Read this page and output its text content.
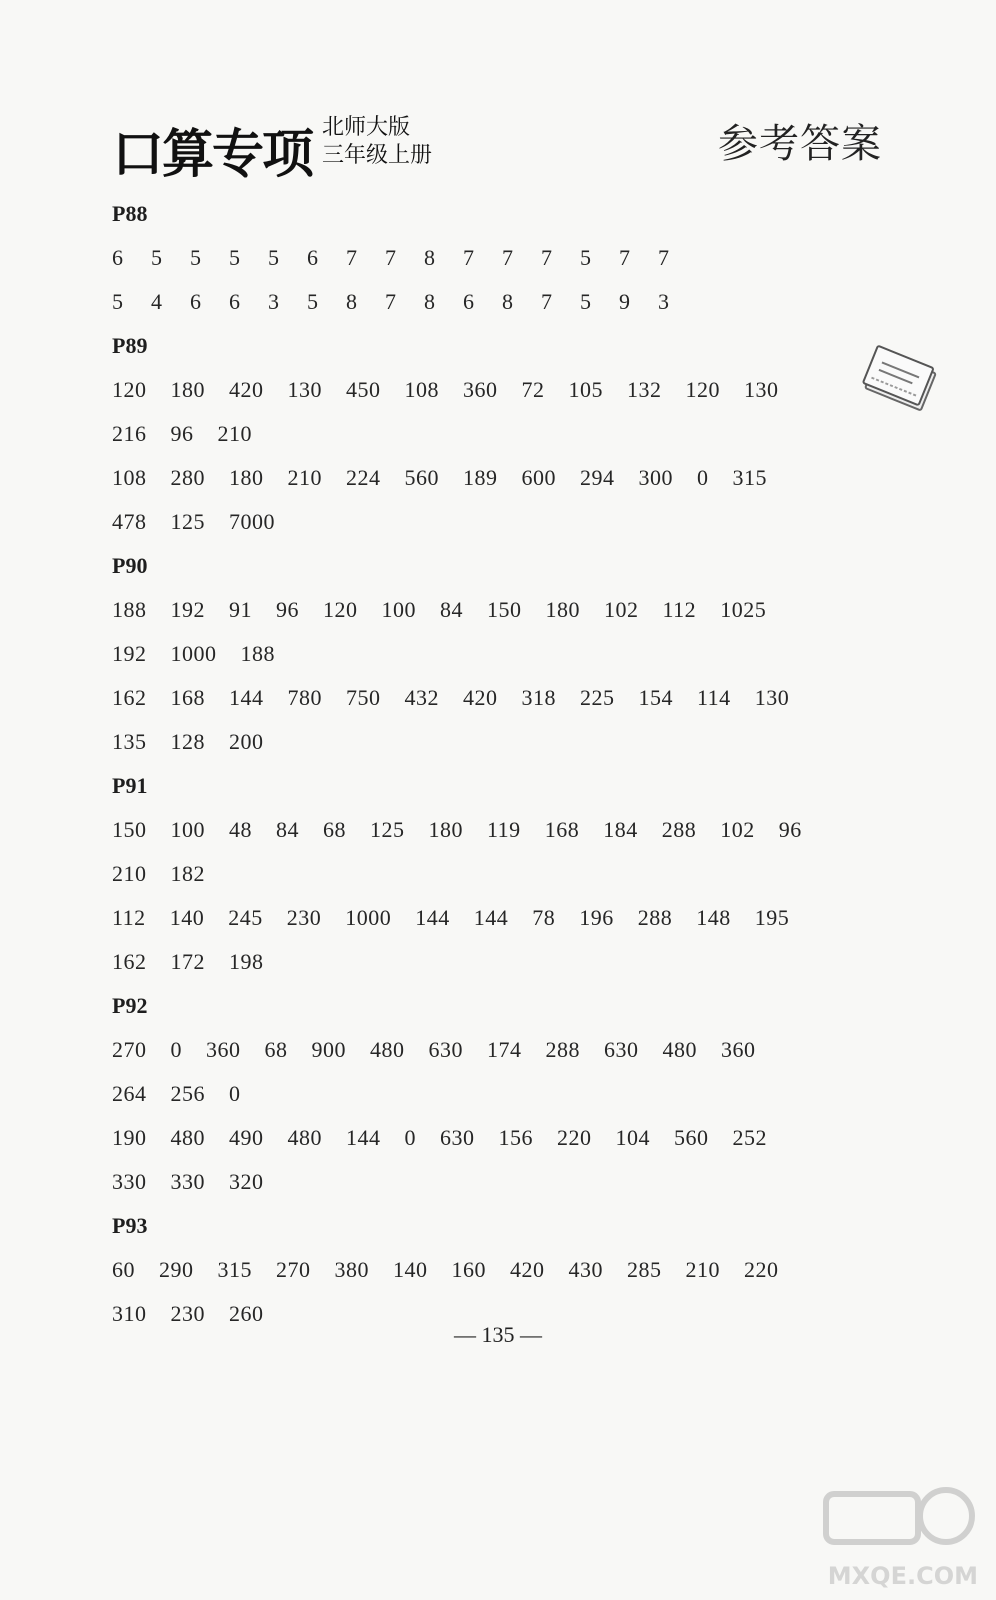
口算专项 北师大版
三年级上册	参考答案
P88
6	5	5	5	5	6	7	7	8	7	7	7	5	7	7
5	4	6	6	3	5	8	7	8	6	8	7	5	9	3
P89
120 180 420 130 450 108 360 72 105 132 120 130
216 96 210
108 280 180 210 224 560 189 600 294 300 0 315
478 125 7000
P90
188 192 91 96 120 100 84 150 180 102 112 1025
192 1000 188
162 168 144 780 750 432 420 318 225 154 114 130
135 128 200
P91
150 100 48 84 68 125 180 119 168 184 288 102 96
210 182
112 140 245 230 1000 144 144 78 196 288 148 195
162 172 198
P92
270 0 360 68 900 480 630 174 288 630 480 360
264 256 0
190 480 490 480 144 0 630 156 220 104 560 252
330 330 320
P93
60 290 315 270 380 140 160 420 430 285 210 220
310 230 260
— 135 —
MXQE.COM
